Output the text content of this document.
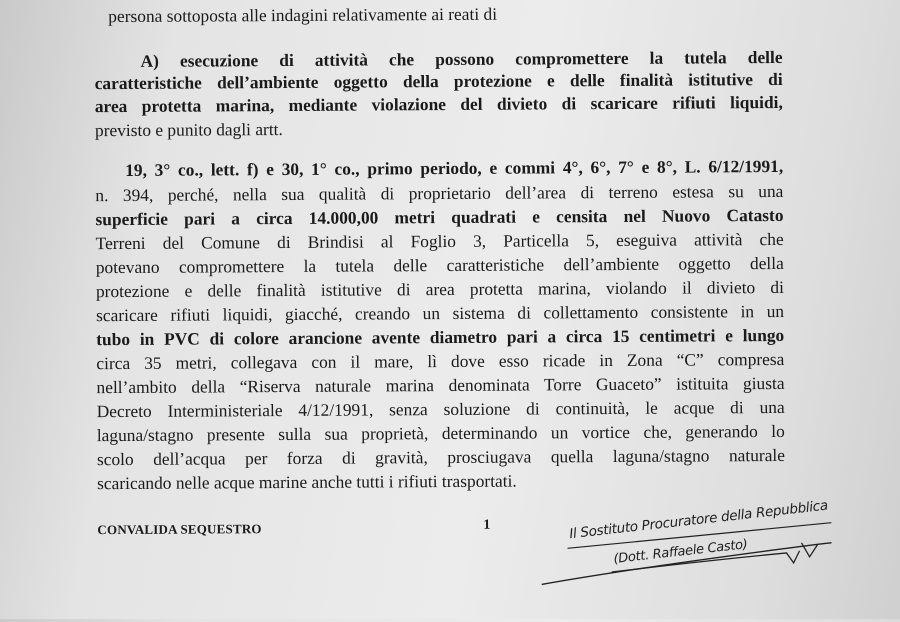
persona sottoposta alle indagini relativamente ai reati di
A) esecuzione di attività che possono compromettere la tutela delle
caratteristiche dell’ambiente oggetto della protezione e delle finalità istitutive di
area protetta marina, mediante violazione del divieto di scaricare rifiuti liquidi,
previsto e punito dagli artt.
19, 3° co., lett. f) e 30, 1° co., primo periodo, e commi 4°, 6°, 7° e 8°, L. 6/12/1991,
n. 394, perché, nella sua qualità di proprietario dell’area di terreno estesa su una
superficie pari a circa 14.000,00 metri quadrati e censita nel Nuovo Catasto
Terreni del Comune di Brindisi al Foglio 3, Particella 5, eseguiva attività che
potevano compromettere la tutela delle caratteristiche dell’ambiente oggetto della
protezione e delle finalità istitutive di area protetta marina, violando il divieto di
scaricare rifiuti liquidi, giacché, creando un sistema di collettamento consistente in un
tubo in PVC di colore arancione avente diametro pari a circa 15 centimetri e lungo
circa 35 metri, collegava con il mare, lì dove esso ricade in Zona “C” compresa
nell’ambito della “Riserva naturale marina denominata Torre Guaceto” istituita giusta
Decreto Interministeriale 4/12/1991, senza soluzione di continuità, le acque di una
laguna/stagno presente sulla sua proprietà, determinando un vortice che, generando lo
scolo dell’acqua per forza di gravità, prosciugava quella laguna/stagno naturale
scaricando nelle acque marine anche tutti i rifiuti trasportati.
CONVALIDA SEQUESTRO	1	Il Sostituto Procuratore della Repubblica
(Dott. Raffaele Casto)
